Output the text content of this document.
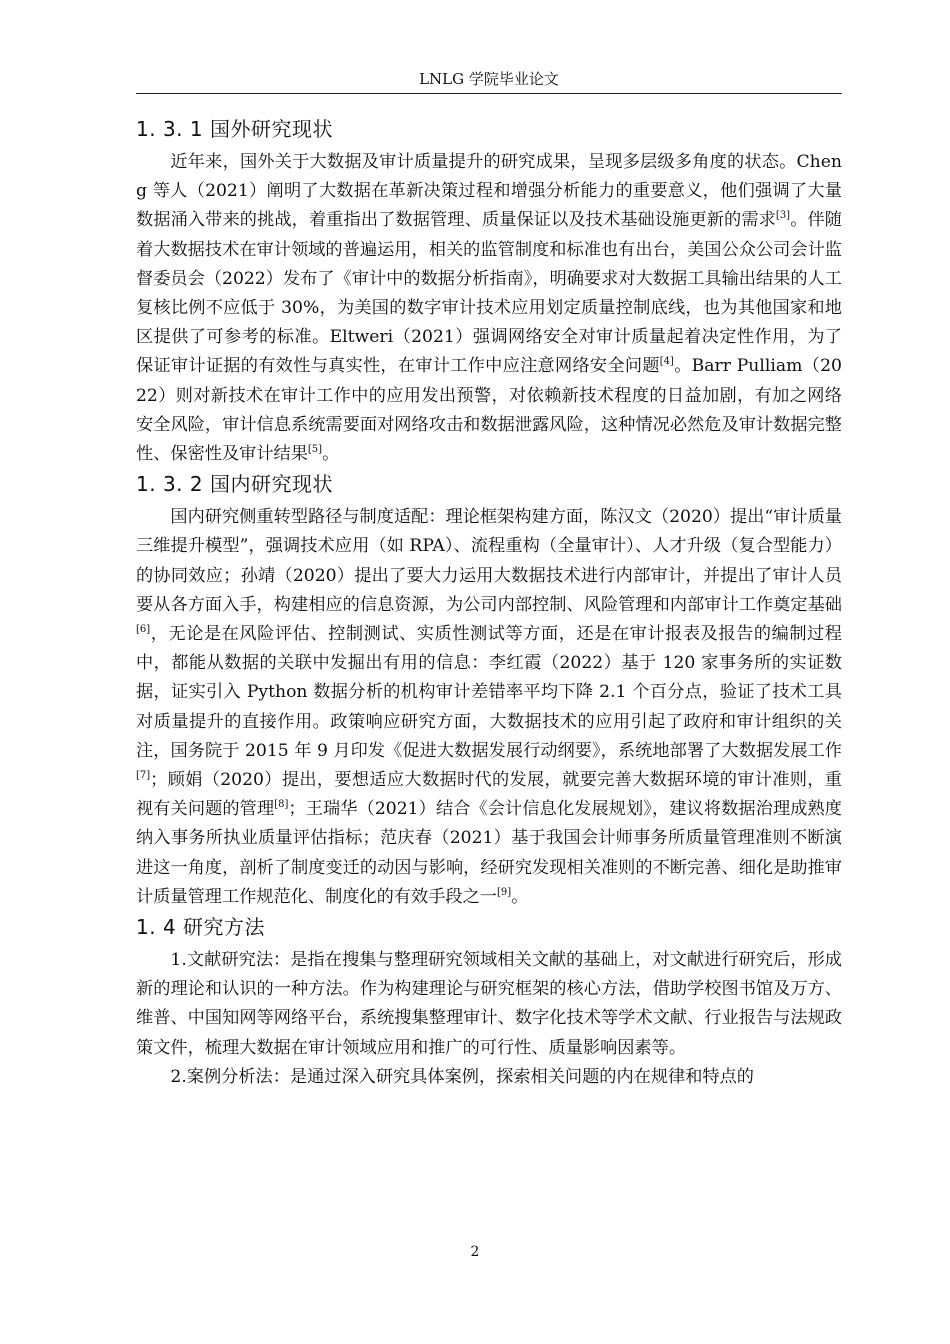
LNLG 学院毕业论文
1. 3. 1 国外研究现状

近年来，国外关于大数据及审计质量提升的研究成果，呈现多层级多角度的状态。Cheng 等人（2021）阐明了大数据在革新决策过程和增强分析能力的重要意义，他们强调了大量数据涌入带来的挑战，着重指出了数据管理、质量保证以及技术基础设施更新的需求[3]。伴随着大数据技术在审计领域的普遍运用，相关的监管制度和标准也有出台，美国公众公司会计监督委员会（2022）发布了《审计中的数据分析指南》，明确要求对大数据工具输出结果的人工复核比例不应低于 30%，为美国的数字审计技术应用划定质量控制底线，也为其他国家和地区提供了可参考的标准。Eltweri（2021）强调网络安全对审计质量起着决定性作用，为了保证审计证据的有效性与真实性，在审计工作中应注意网络安全问题[4]。Barr Pulliam（2022）则对新技术在审计工作中的应用发出预警，对依赖新技术程度的日益加剧，有加之网络安全风险，审计信息系统需要面对网络攻击和数据泄露风险，这种情况必然危及审计数据完整性、保密性及审计结果[5]。

1. 3. 2 国内研究现状

国内研究侧重转型路径与制度适配：理论框架构建方面，陈汉文（2020）提出“审计质量三维提升模型”，强调技术应用（如 RPA）、流程重构（全量审计）、人才升级（复合型能力）的协同效应；孙靖（2020）提出了要大力运用大数据技术进行内部审计，并提出了审计人员要从各方面入手，构建相应的信息资源，为公司内部控制、风险管理和内部审计工作奠定基础[6]，无论是在风险评估、控制测试、实质性测试等方面，还是在审计报表及报告的编制过程中，都能从数据的关联中发掘出有用的信息：李红霞（2022）基于 120 家事务所的实证数据，证实引入 Python 数据分析的机构审计差错率平均下降 2.1 个百分点，验证了技术工具对质量提升的直接作用。政策响应研究方面，大数据技术的应用引起了政府和审计组织的关注，国务院于 2015 年 9 月印发《促进大数据发展行动纲要》，系统地部署了大数据发展工作[7]；顾娟（2020）提出，要想适应大数据时代的发展，就要完善大数据环境的审计准则，重视有关问题的管理[8]；王瑞华（2021）结合《会计信息化发展规划》，建议将数据治理成熟度纳入事务所执业质量评估指标；范庆春（2021）基于我国会计师事务所质量管理准则不断演进这一角度，剖析了制度变迁的动因与影响，经研究发现相关准则的不断完善、细化是助推审计质量管理工作规范化、制度化的有效手段之一[9]。

1. 4 研究方法

1.文献研究法：是指在搜集与整理研究领域相关文献的基础上，对文献进行研究后，形成新的理论和认识的一种方法。作为构建理论与研究框架的核心方法，借助学校图书馆及万方、维普、中国知网等网络平台，系统搜集整理审计、数字化技术等学术文献、行业报告与法规政策文件，梳理大数据在审计领域应用和推广的可行性、质量影响因素等。

2.案例分析法：是通过深入研究具体案例，探索相关问题的内在规律和特点的

2
